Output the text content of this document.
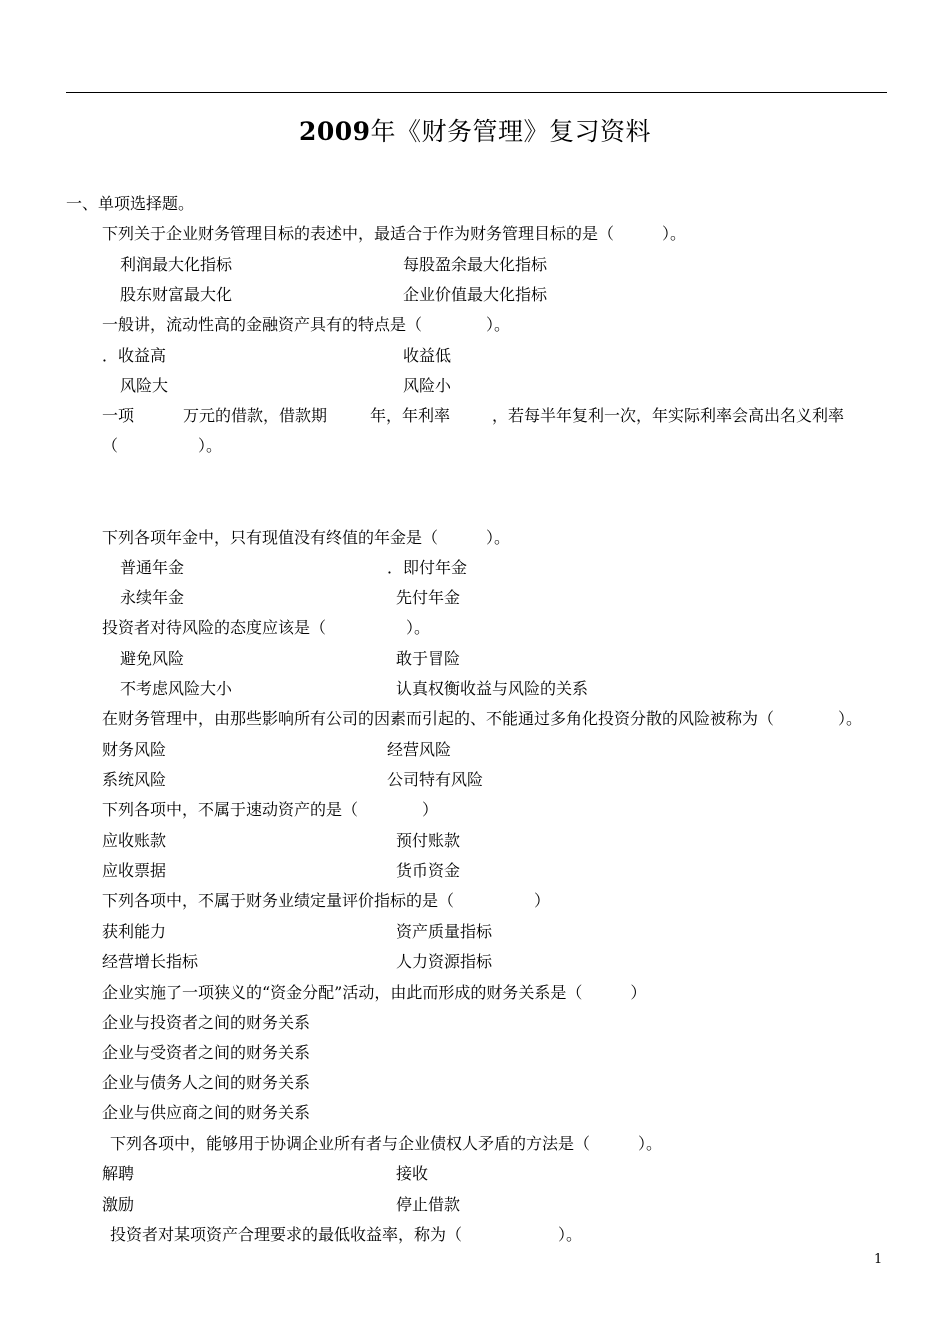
2009年《财务管理》复习资料
一、单项选择题。
下列关于企业财务管理目标的表述中，最适合于作为财务管理目标的是（　　　）。
利润最大化指标	每股盈余最大化指标
股东财富最大化	企业价值最大化指标
一般讲，流动性高的金融资产具有的特点是（　　　　）。
．收益高	收益低
风险大	风险小
一项	万元的借款，借款期	年，年利率	，若每半年复利一次，年实际利率会高出名义利率
（　　　　　）。
下列各项年金中，只有现值没有终值的年金是（　　　）。
普通年金	．即付年金
永续年金	先付年金
投资者对待风险的态度应该是（　　　　　）。
避免风险	敢于冒险
不考虑风险大小	认真权衡收益与风险的关系
在财务管理中，由那些影响所有公司的因素而引起的、不能通过多角化投资分散的风险被称为（　　　　）。
财务风险	经营风险
系统风险	公司特有风险
下列各项中，不属于速动资产的是（　　　　）
应收账款	预付账款
应收票据	货币资金
下列各项中，不属于财务业绩定量评价指标的是（　　　　　）
获利能力	资产质量指标
经营增长指标	人力资源指标
企业实施了一项狭义的“资金分配”活动，由此而形成的财务关系是（　　　）
企业与投资者之间的财务关系
企业与受资者之间的财务关系
企业与债务人之间的财务关系
企业与供应商之间的财务关系
下列各项中，能够用于协调企业所有者与企业债权人矛盾的方法是（　　　）。
解聘	接收
激励	停止借款
投资者对某项资产合理要求的最低收益率，称为（　　　　　　）。
1
